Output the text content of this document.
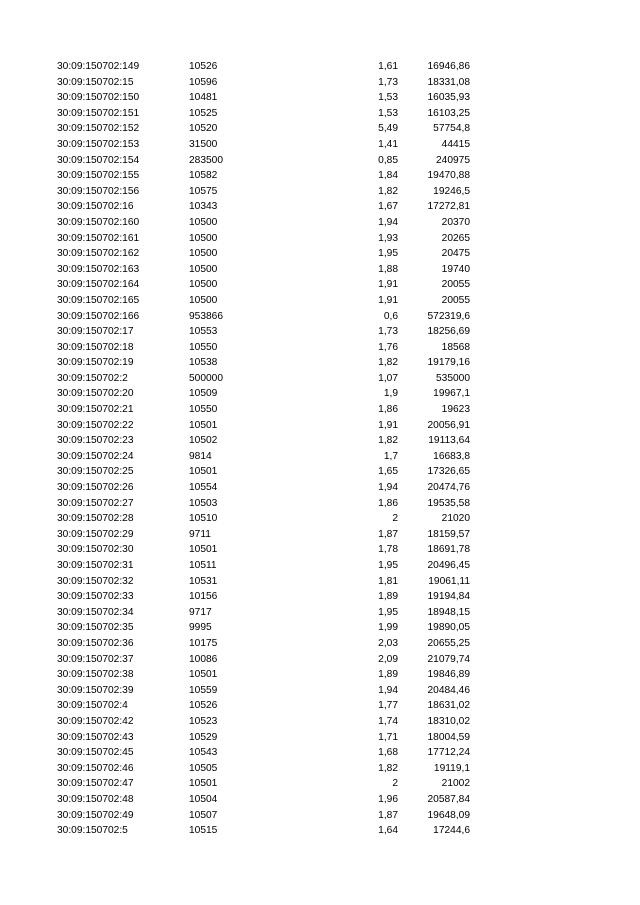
30:09:150702:149	10526	1,61	16946,86
30:09:150702:15	10596	1,73	18331,08
30:09:150702:150	10481	1,53	16035,93
30:09:150702:151	10525	1,53	16103,25
30:09:150702:152	10520	5,49	57754,8
30:09:150702:153	31500	1,41	44415
30:09:150702:154	283500	0,85	240975
30:09:150702:155	10582	1,84	19470,88
30:09:150702:156	10575	1,82	19246,5
30:09:150702:16	10343	1,67	17272,81
30:09:150702:160	10500	1,94	20370
30:09:150702:161	10500	1,93	20265
30:09:150702:162	10500	1,95	20475
30:09:150702:163	10500	1,88	19740
30:09:150702:164	10500	1,91	20055
30:09:150702:165	10500	1,91	20055
30:09:150702:166	953866	0,6	572319,6
30:09:150702:17	10553	1,73	18256,69
30:09:150702:18	10550	1,76	18568
30:09:150702:19	10538	1,82	19179,16
30:09:150702:2	500000	1,07	535000
30:09:150702:20	10509	1,9	19967,1
30:09:150702:21	10550	1,86	19623
30:09:150702:22	10501	1,91	20056,91
30:09:150702:23	10502	1,82	19113,64
30:09:150702:24	9814	1,7	16683,8
30:09:150702:25	10501	1,65	17326,65
30:09:150702:26	10554	1,94	20474,76
30:09:150702:27	10503	1,86	19535,58
30:09:150702:28	10510	2	21020
30:09:150702:29	9711	1,87	18159,57
30:09:150702:30	10501	1,78	18691,78
30:09:150702:31	10511	1,95	20496,45
30:09:150702:32	10531	1,81	19061,11
30:09:150702:33	10156	1,89	19194,84
30:09:150702:34	9717	1,95	18948,15
30:09:150702:35	9995	1,99	19890,05
30:09:150702:36	10175	2,03	20655,25
30:09:150702:37	10086	2,09	21079,74
30:09:150702:38	10501	1,89	19846,89
30:09:150702:39	10559	1,94	20484,46
30:09:150702:4	10526	1,77	18631,02
30:09:150702:42	10523	1,74	18310,02
30:09:150702:43	10529	1,71	18004,59
30:09:150702:45	10543	1,68	17712,24
30:09:150702:46	10505	1,82	19119,1
30:09:150702:47	10501	2	21002
30:09:150702:48	10504	1,96	20587,84
30:09:150702:49	10507	1,87	19648,09
30:09:150702:5	10515	1,64	17244,6
